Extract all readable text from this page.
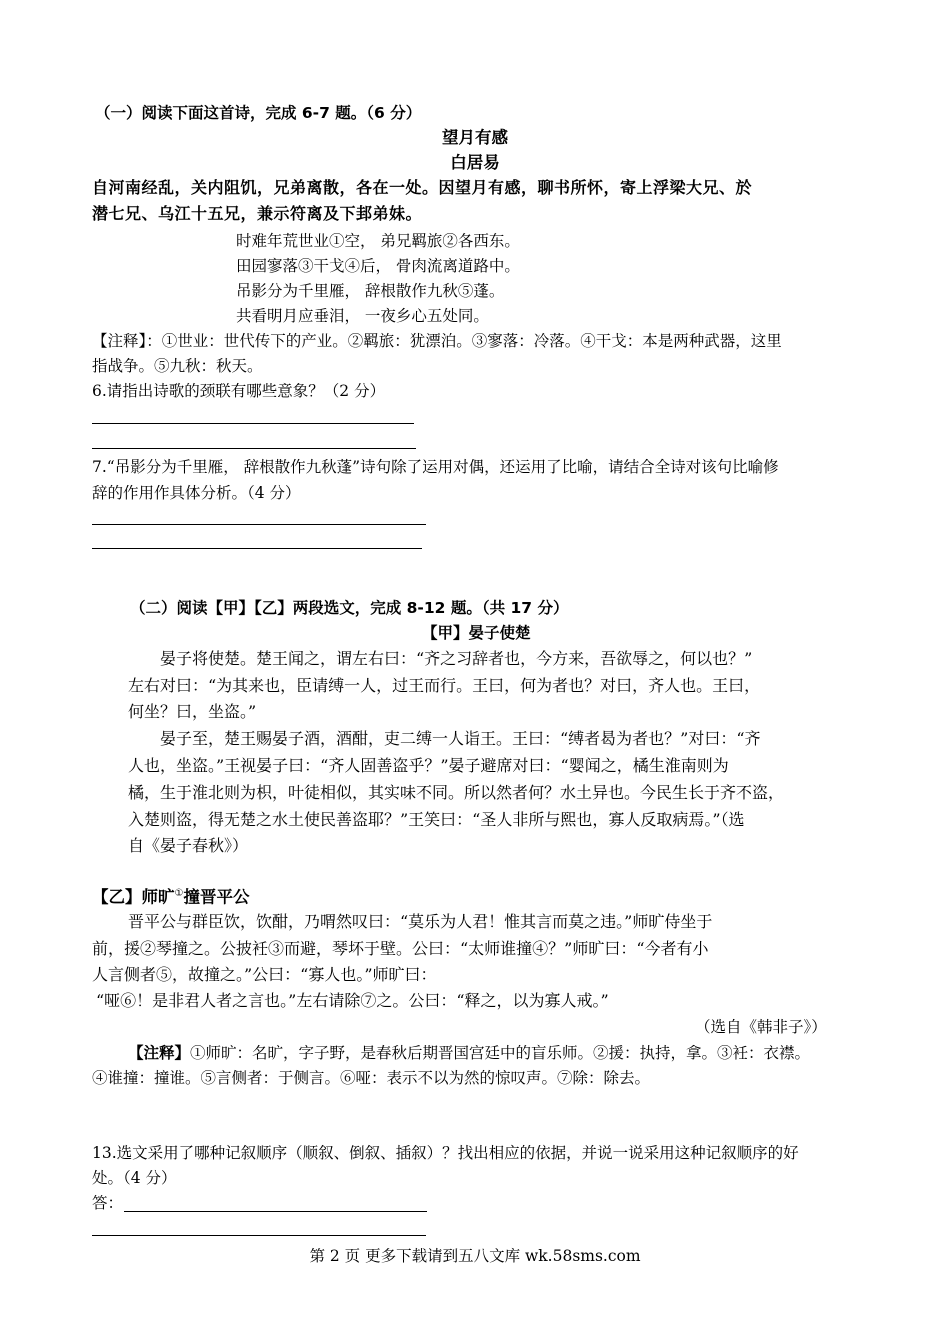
（一）阅读下面这首诗，完成 6-7 题。（6 分）
望月有感
白居易
自河南经乱，关内阻饥，兄弟离散，各在一处。因望月有感，聊书所怀，寄上浮梁大兄、於
潜七兄、乌江十五兄，兼示符离及下邽弟妹。
时难年荒世业①空， 弟兄羁旅②各西东。
田园寥落③干戈④后， 骨肉流离道路中。
吊影分为千里雁， 辞根散作九秋⑤蓬。
共看明月应垂泪， 一夜乡心五处同。
【注释】：①世业：世代传下的产业。②羁旅：犹漂泊。③寥落：冷落。④干戈：本是两种武器，这里
指战争。⑤九秋：秋天。
6.请指出诗歌的颈联有哪些意象？（2 分）
7.“吊影分为千里雁， 辞根散作九秋蓬”诗句除了运用对偶，还运用了比喻，请结合全诗对该句比喻修
辞的作用作具体分析。（4 分）
（二）阅读【甲】【乙】两段选文，完成 8-12 题。（共 17 分）
【甲】晏子使楚
晏子将使楚。楚王闻之，谓左右曰：“齐之习辞者也，今方来，吾欲辱之，何以也？”
左右对曰：“为其来也，臣请缚一人，过王而行。王曰，何为者也？对曰，齐人也。王曰，
何坐？曰，坐盗。”
晏子至，楚王赐晏子酒，酒酣，吏二缚一人诣王。王曰：“缚者曷为者也？”对曰：“齐
人也，坐盗。”王视晏子曰：“齐人固善盗乎？”晏子避席对曰：“婴闻之，橘生淮南则为
橘，生于淮北则为枳，叶徒相似，其实味不同。所以然者何？水土异也。今民生长于齐不盗，
入楚则盗，得无楚之水土使民善盗耶？”王笑曰：“圣人非所与熙也，寡人反取病焉。”（选
自《晏子春秋》）
【乙】师旷①撞晋平公
晋平公与群臣饮，饮酣，乃喟然叹曰：“莫乐为人君！惟其言而莫之违。”师旷侍坐于
前，援②琴撞之。公披衽③而避，琴坏于壁。公曰：“太师谁撞④？”师旷曰：“今者有小
人言侧者⑤，故撞之。”公曰：“寡人也。”师旷曰：
“哑⑥！是非君人者之言也。”左右请除⑦之。公曰：“释之，以为寡人戒。”
（选自《韩非子》）
【注释】①师旷：名旷，字子野，是春秋后期晋国宫廷中的盲乐师。②援：执持，拿。③衽：衣襟。
④谁撞：撞谁。⑤言侧者：于侧言。⑥哑：表示不以为然的惊叹声。⑦除：除去。
13.选文采用了哪种记叙顺序（顺叙、倒叙、插叙）？找出相应的依据，并说一说采用这种记叙顺序的好
处。（4 分）
答：
第 2 页 更多下载请到五八文库 wk.58sms.com
